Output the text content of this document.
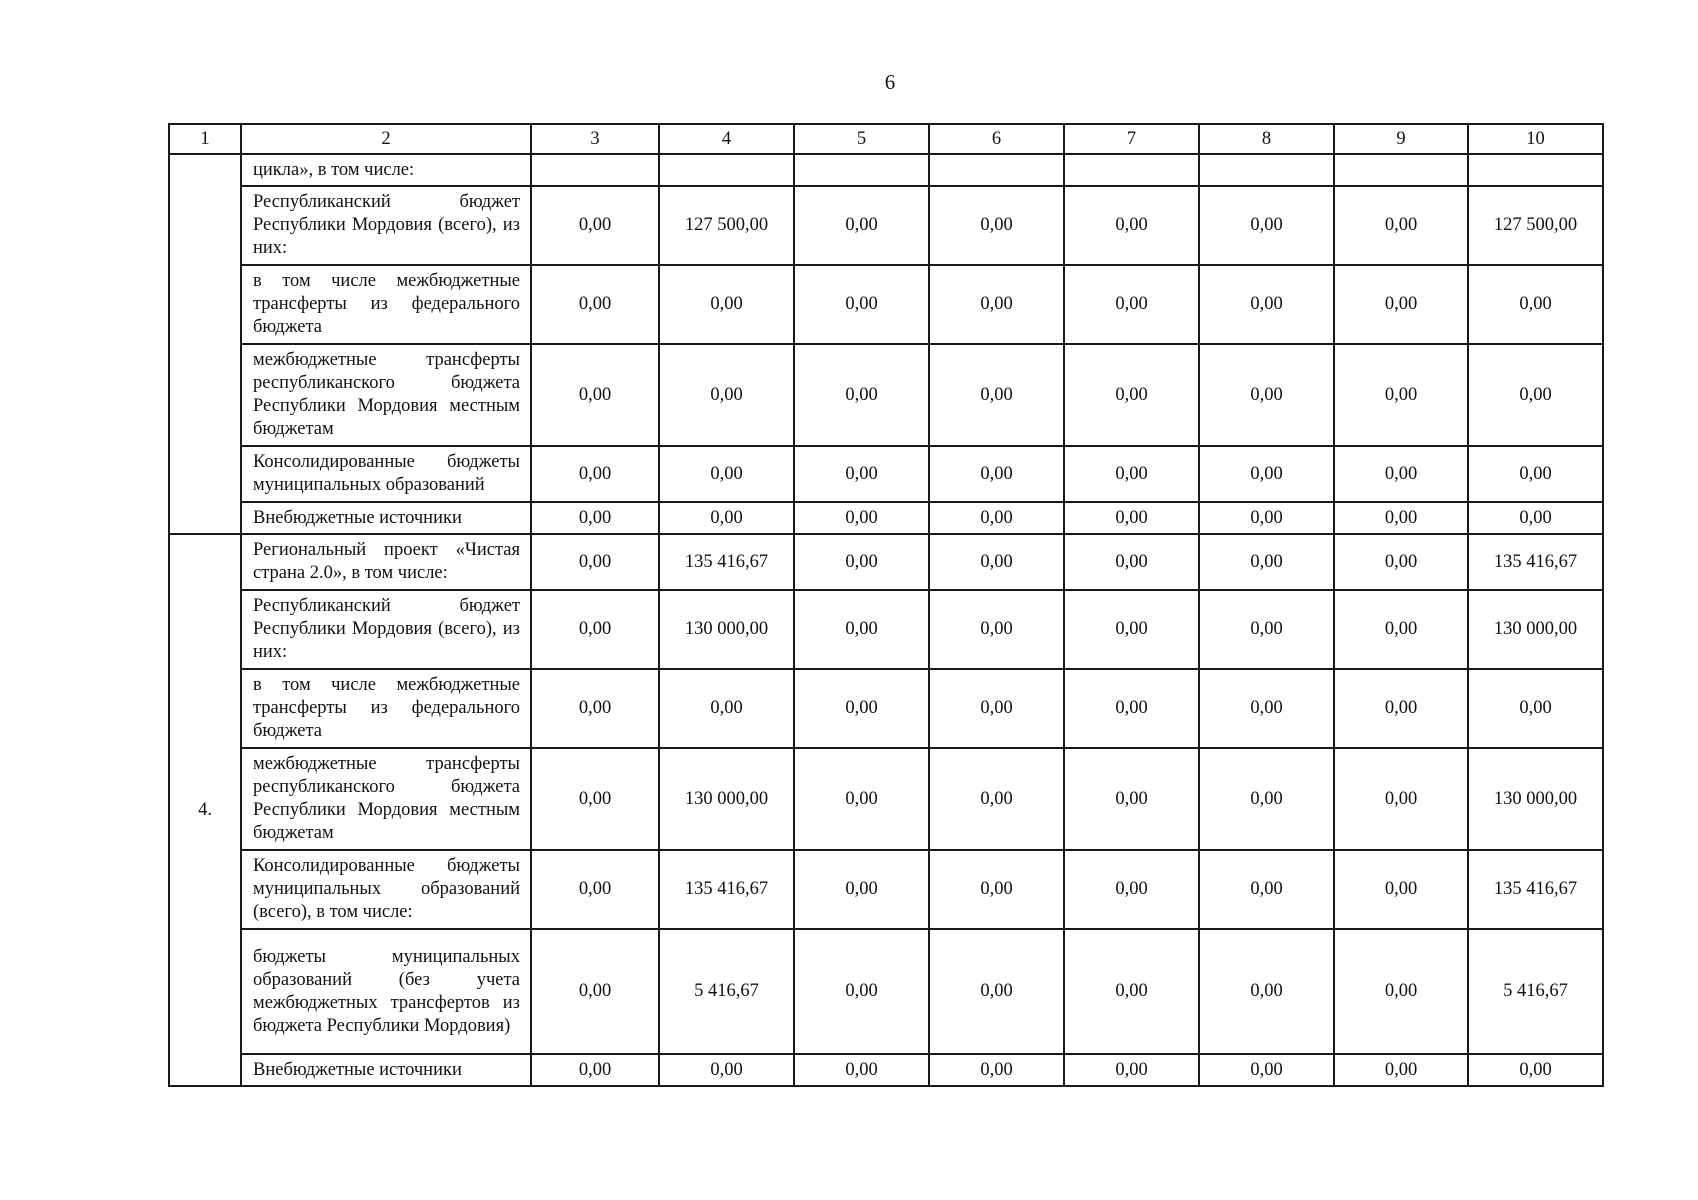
6
1	2	3	4	5	6	7	8	9	10
	цикла», в том числе:								
	Республиканский бюджет Республики Мордовия (всего), из них:	0,00	127 500,00	0,00	0,00	0,00	0,00	0,00	127 500,00
	в том числе межбюджетные трансферты из федерального бюджета	0,00	0,00	0,00	0,00	0,00	0,00	0,00	0,00
	межбюджетные трансферты республиканского бюджета Республики Мордовия местным бюджетам	0,00	0,00	0,00	0,00	0,00	0,00	0,00	0,00
	Консолидированные бюджеты муниципальных образований	0,00	0,00	0,00	0,00	0,00	0,00	0,00	0,00
	Внебюджетные источники	0,00	0,00	0,00	0,00	0,00	0,00	0,00	0,00
4.	Региональный проект «Чистая страна 2.0», в том числе:	0,00	135 416,67	0,00	0,00	0,00	0,00	0,00	135 416,67
	Республиканский бюджет Республики Мордовия (всего), из них:	0,00	130 000,00	0,00	0,00	0,00	0,00	0,00	130 000,00
	в том числе межбюджетные трансферты из федерального бюджета	0,00	0,00	0,00	0,00	0,00	0,00	0,00	0,00
	межбюджетные трансферты республиканского бюджета Республики Мордовия местным бюджетам	0,00	130 000,00	0,00	0,00	0,00	0,00	0,00	130 000,00
	Консолидированные бюджеты муниципальных образований (всего), в том числе:	0,00	135 416,67	0,00	0,00	0,00	0,00	0,00	135 416,67
	бюджеты муниципальных образований (без учета межбюджетных трансфертов из бюджета Республики Мордовия)	0,00	5 416,67	0,00	0,00	0,00	0,00	0,00	5 416,67
	Внебюджетные источники	0,00	0,00	0,00	0,00	0,00	0,00	0,00	0,00
